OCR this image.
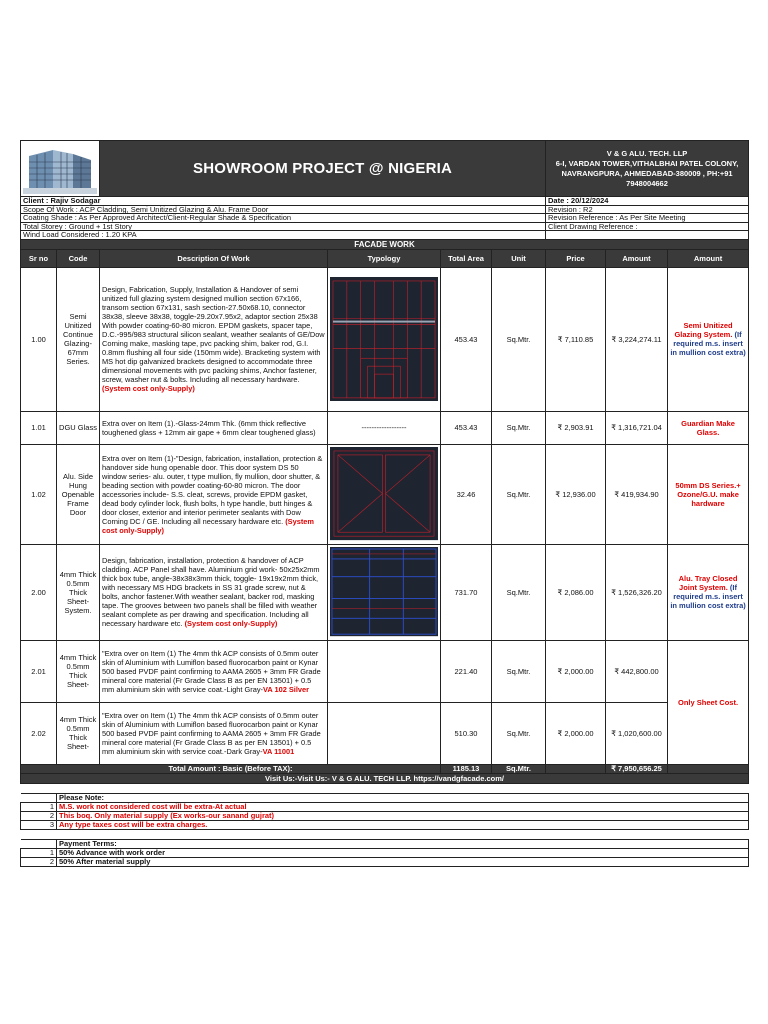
	SHOWROOM PROJECT @ NIGERIA				V & G ALU. TECH. LLP
6-I, VARDAN TOWER,VITHALBHAI PATEL COLONY,
NAVRANGPURA, AHMEDABAD-380009 , PH:+91 7948004662		

Client : Rajiv Sodagar						Date : 20/12/2024		
Scope Of Work : ACP Cladding, Semi Unitized Glazing & Alu. Frame Door						Revision : R2		
Coating Shade : As Per Approved Architect/Client-Regular Shade & Specification						Revision Reference : As Per Site Meeting		
Total Storey : Ground + 1st Story						Client Drawing Reference :		
Wind Load Considered : 1.20 KPA								
FACADE WORK								
Sr no	Code	Description Of Work	Typology	Total Area	Unit	Price	Amount	Amount
1.00	Semi Unitized Continue Glazing- 67mm Series.	Design, Fabrication, Supply, Installation & Handover of semi unitized full glazing system designed mullion section 67x166, transom section 67x131, sash section-27.50x68.10, connector 38x38, sleeve 38x38, toggle-29.20x7.95x2, adaptor section 25x38 With powder coating-60-80 micron. EPDM gaskets, spacer tape, D.C.-995/983 structural silicon sealant, weather sealants of GE/Dow Corning make, masking tape, pvc packing shim, baker rod, G.I. 0.8mm flushing all four side (150mm wide). Bracketing system with MS hot dip galvanized brackets designed to accommodate three dimensional movements with pvc packing shims, Anchor fastener, screw, washer nut & bolts. Including all necessary hardware. (System cost only-Supply)		453.43	Sq.Mtr.	₹ 7,110.85	₹ 3,224,274.11	Semi Unitized Glazing System. (If required m.s. insert in mullion cost extra)
1.01	DGU Glass	Extra over on Item (1).-Glass-24mm Thk. (6mm thick reflective toughened glass + 12mm air gape + 6mm clear toughened glass)	------------------	453.43	Sq.Mtr.	₹ 2,903.91	₹ 1,316,721.04	Guardian Make Glass.
1.02	Alu. Side Hung Openable Frame Door	Extra over on Item (1)-"Design, fabrication, installation, protection & handover side hung openable door. This door system DS 50 window series- alu. outer, t type mullion, fly mullion, door shutter, & beading section with powder coating-60-80 micron. The door accessories include- S.S. cleat, screws, provide EPDM gasket, dead body cylinder lock, flush bolts, h type handle, butt hinges & door closer, exterior and interior perimeter sealants with Dow Corning DC / GE. Including all necessary hardware etc. (System cost only-Supply)		32.46	Sq.Mtr.	₹ 12,936.00	₹ 419,934.90	50mm DS Series.+ Ozone/G.U. make hardware
2.00	4mm Thick 0.5mm Thick Sheet- System.	Design, fabrication, installation, protection & handover of ACP cladding. ACP Panel shall have. Aluminium grid work- 50x25x2mm thick box tube, angle-38x38x3mm thick, toggle- 19x19x2mm thick, with necessary MS HDG brackets in SS 31 grade screw, nut & bolts, anchor fastener.With weather sealant, backer rod, masking tape. The grooves between two panels shall be filled with weather sealant complete as per drawing and specification. Including all necessary hardware etc. (System cost only-Supply)		731.70	Sq.Mtr.	₹ 2,086.00	₹ 1,526,326.20	Alu. Tray Closed Joint System. (If required m.s. insert in mullion cost extra)
2.01	4mm Thick 0.5mm Thick Sheet-	"Extra over on Item (1) The 4mm thk ACP consists of 0.5mm outer skin of Aluminium with Lumiflon based fluorocarbon paint or Kynar 500 based PVDF paint confirming to AAMA 2605 + 3mm FR Grade mineral core material (Fr Grade Class B as per EN 13501) + 0.5 mm aluminium skin with service coat.-Light Gray-VA 102 Silver		221.40	Sq.Mtr.	₹ 2,000.00	₹ 442,800.00	Only Sheet Cost.
2.02	4mm Thick 0.5mm Thick Sheet-	"Extra over on Item (1) The 4mm thk ACP consists of 0.5mm outer skin of Aluminium with Lumiflon based fluorocarbon paint or Kynar 500 based PVDF paint confirming to AAMA 2605 + 3mm FR Grade mineral core material (Fr Grade Class B as per EN 13501) + 0.5 mm aluminium skin with service coat.-Dark Gray-VA 11001		510.30	Sq.Mtr.	₹ 2,000.00	₹ 1,020,600.00	
Total Amount : Basic (Before TAX):				1185.13	Sq.Mtr.		₹ 7,950,656.25	
Visit Us:-Visit Us:- V & G ALU. TECH LLP. https://vandgfacade.com/								

	Please Note:							
1	M.S. work not considered cost will be extra-At actual							
2	This boq. Only material supply (Ex works-our sanand gujrat)							
3	Any type taxes cost will be extra charges.							

	Payment Terms:							
1	50% Advance with work order							
2	50% After material supply							
